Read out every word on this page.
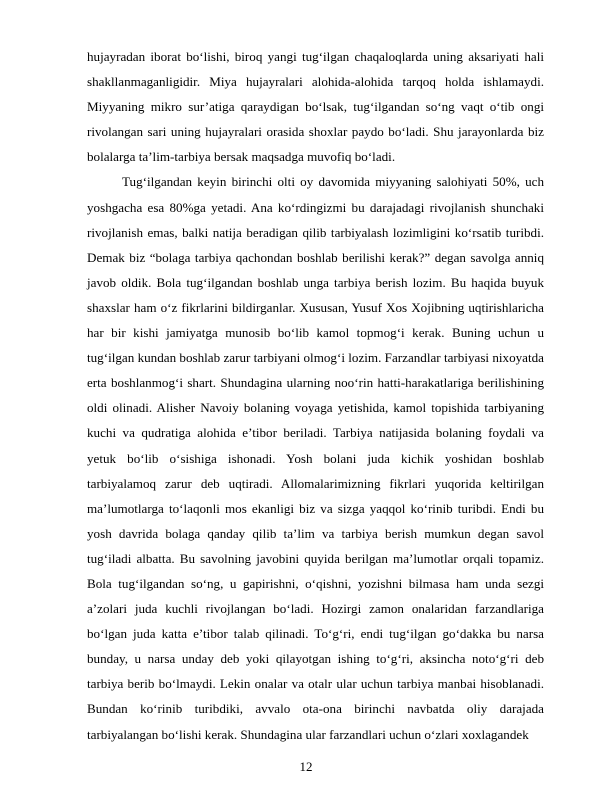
hujayradan iborat bo‘lishi, biroq yangi tug‘ilgan chaqaloqlarda uning aksariyati hali shakllanmaganligidir. Miya hujayralari alohida-alohida tarqoq holda ishlamaydi. Miyyaning mikro sur’atiga qaraydigan bo‘lsak, tug‘ilgandan so‘ng vaqt o‘tib ongi rivolangan sari uning hujayralari orasida shoxlar paydo bo‘ladi. Shu jarayonlarda biz bolalarga ta’lim-tarbiya bersak maqsadga muvofiq bo‘ladi.

Tug‘ilgandan keyin birinchi olti oy davomida miyyaning salohiyati 50%, uch yoshgacha esa 80%ga yetadi. Ana ko‘rdingizmi bu darajadagi rivojlanish shunchaki rivojlanish emas, balki natija beradigan qilib tarbiyalash lozimligini ko‘rsatib turibdi. Demak biz “bolaga tarbiya qachondan boshlab berilishi kerak?” degan savolga anniq javob oldik. Bola tug‘ilgandan boshlab unga tarbiya berish lozim. Bu haqida buyuk shaxslar ham o‘z fikrlarini bildirganlar. Xususan, Yusuf Xos Xojibning uqtirishlaricha har bir kishi jamiyatga munosib bo‘lib kamol topmog‘i kerak. Buning uchun u tug‘ilgan kundan boshlab zarur tarbiyani olmog‘i lozim. Farzandlar tarbiyasi nixoyatda erta boshlanmog‘i shart. Shundagina ularning noo‘rin hatti-harakatlariga berilishining oldi olinadi. Alisher Navoiy bolaning voyaga yetishida, kamol topishida tarbiyaning kuchi va qudratiga alohida e’tibor beriladi. Tarbiya natijasida bolaning foydali va yetuk bo‘lib o‘sishiga ishonadi. Yosh bolani juda kichik yoshidan boshlab tarbiyalamoq zarur deb uqtiradi. Allomalarimizning fikrlari yuqorida keltirilgan ma’lumotlarga to‘laqonli mos ekanligi biz va sizga yaqqol ko‘rinib turibdi. Endi bu yosh davrida bolaga qanday qilib ta’lim va tarbiya berish mumkun degan savol tug‘iladi albatta. Bu savolning javobini quyida berilgan ma’lumotlar orqali topamiz. Bola tug‘ilgandan so‘ng, u gapirishni, o‘qishni, yozishni bilmasa ham unda sezgi a’zolari juda kuchli rivojlangan bo‘ladi. Hozirgi zamon onalaridan farzandlariga bo‘lgan juda katta e’tibor talab qilinadi. To‘g‘ri, endi tug‘ilgan go‘dakka bu narsa bunday, u narsa unday deb yoki qilayotgan ishing to‘g‘ri, aksincha noto‘g‘ri deb tarbiya berib bo‘lmaydi. Lekin onalar va otalr ular uchun tarbiya manbai hisoblanadi. Bundan ko‘rinib turibdiki, avvalo ota-ona birinchi navbatda oliy darajada tarbiyalangan bo‘lishi kerak. Shundagina ular farzandlari uchun o‘zlari xoxlagandek

12
